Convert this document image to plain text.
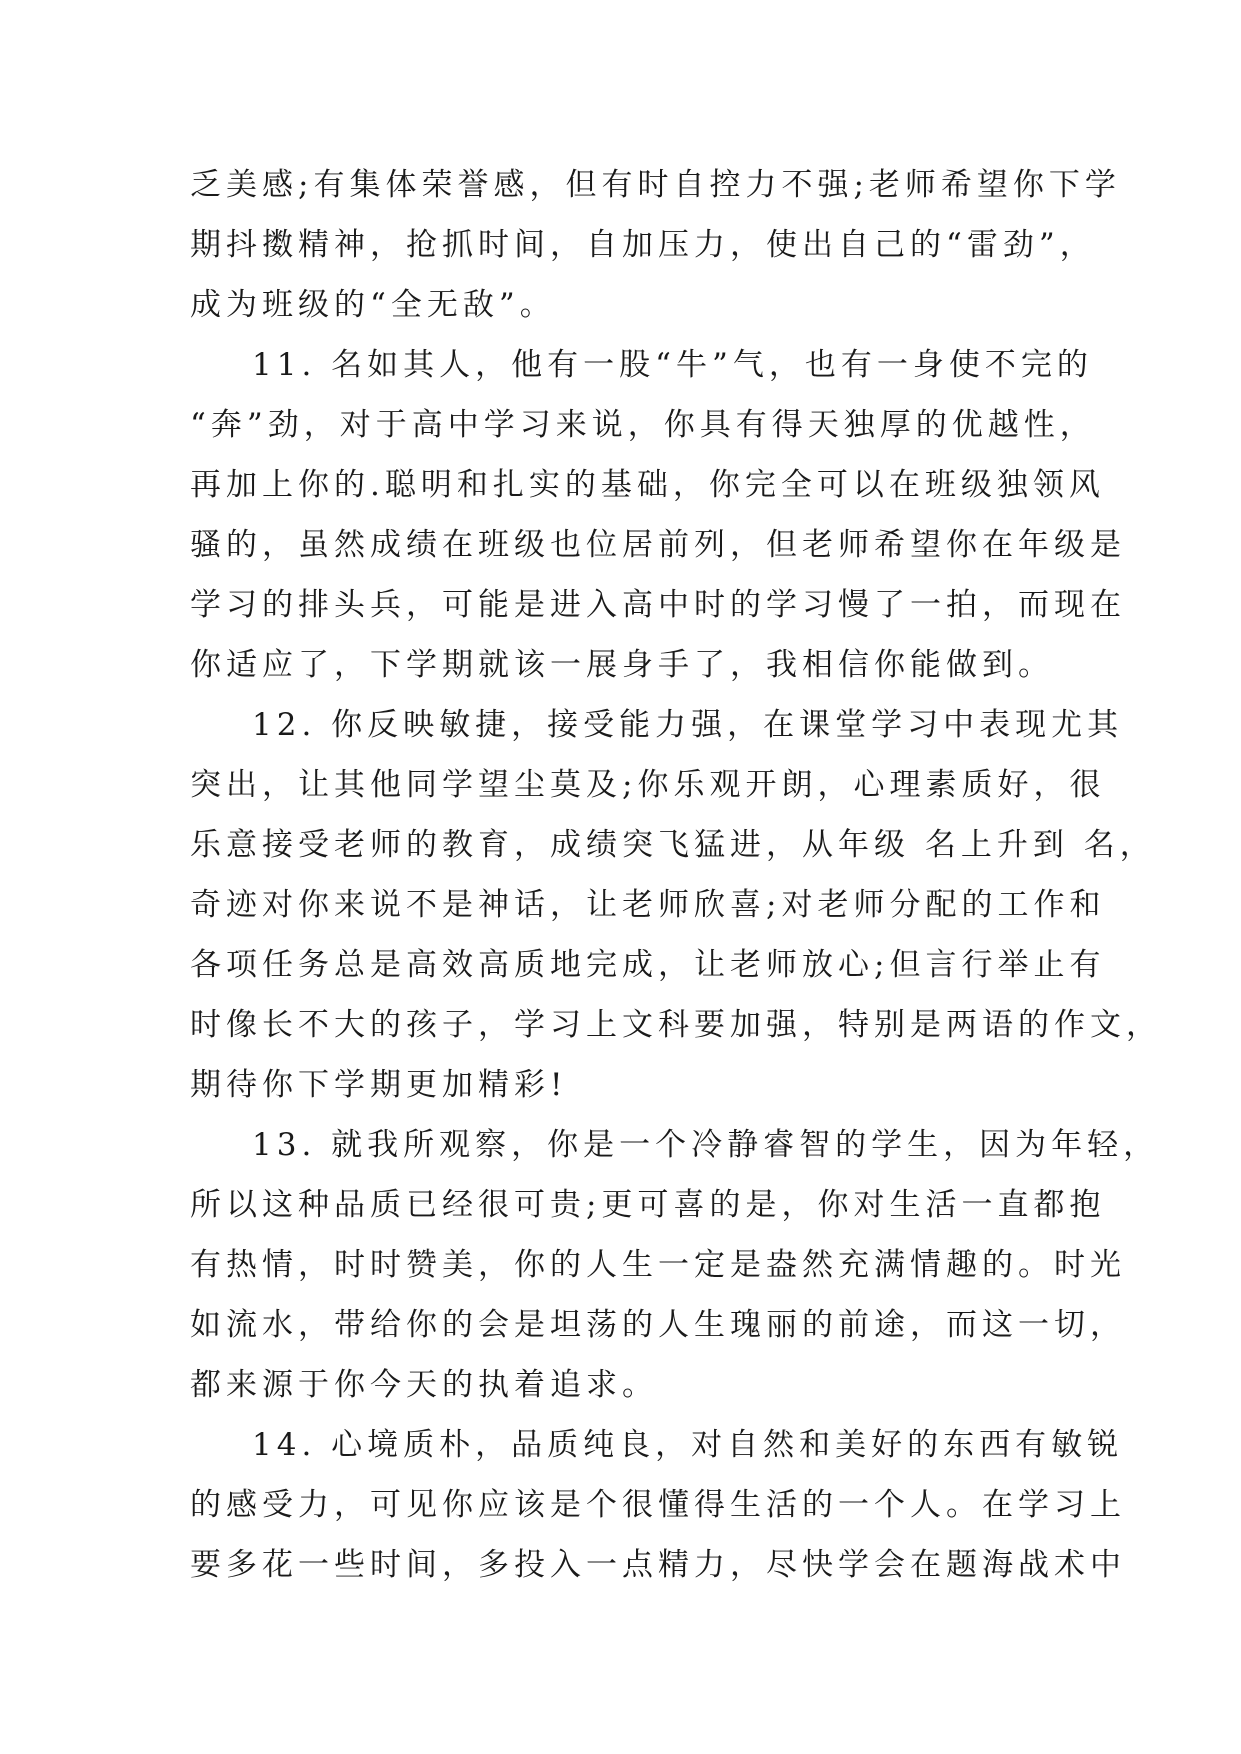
乏美感;有集体荣誉感，但有时自控力不强;老师希望你下学
期抖擞精神，抢抓时间，自加压力，使出自己的“雷劲”，
成为班级的“全无敌”。
11. 名如其人，他有一股“牛”气，也有一身使不完的
“奔”劲，对于高中学习来说，你具有得天独厚的优越性，
再加上你的.聪明和扎实的基础，你完全可以在班级独领风
骚的，虽然成绩在班级也位居前列，但老师希望你在年级是
学习的排头兵，可能是进入高中时的学习慢了一拍，而现在
你适应了，下学期就该一展身手了，我相信你能做到。
12. 你反映敏捷，接受能力强，在课堂学习中表现尤其
突出，让其他同学望尘莫及;你乐观开朗，心理素质好，很
乐意接受老师的教育，成绩突飞猛进，从年级 名上升到 名，
奇迹对你来说不是神话，让老师欣喜;对老师分配的工作和
各项任务总是高效高质地完成，让老师放心;但言行举止有
时像长不大的孩子，学习上文科要加强，特别是两语的作文，
期待你下学期更加精彩!
13. 就我所观察，你是一个冷静睿智的学生，因为年轻，
所以这种品质已经很可贵;更可喜的是，你对生活一直都抱
有热情，时时赞美，你的人生一定是盎然充满情趣的。时光
如流水，带给你的会是坦荡的人生瑰丽的前途，而这一切，
都来源于你今天的执着追求。
14. 心境质朴，品质纯良，对自然和美好的东西有敏锐
的感受力，可见你应该是个很懂得生活的一个人。在学习上
要多花一些时间，多投入一点精力，尽快学会在题海战术中
